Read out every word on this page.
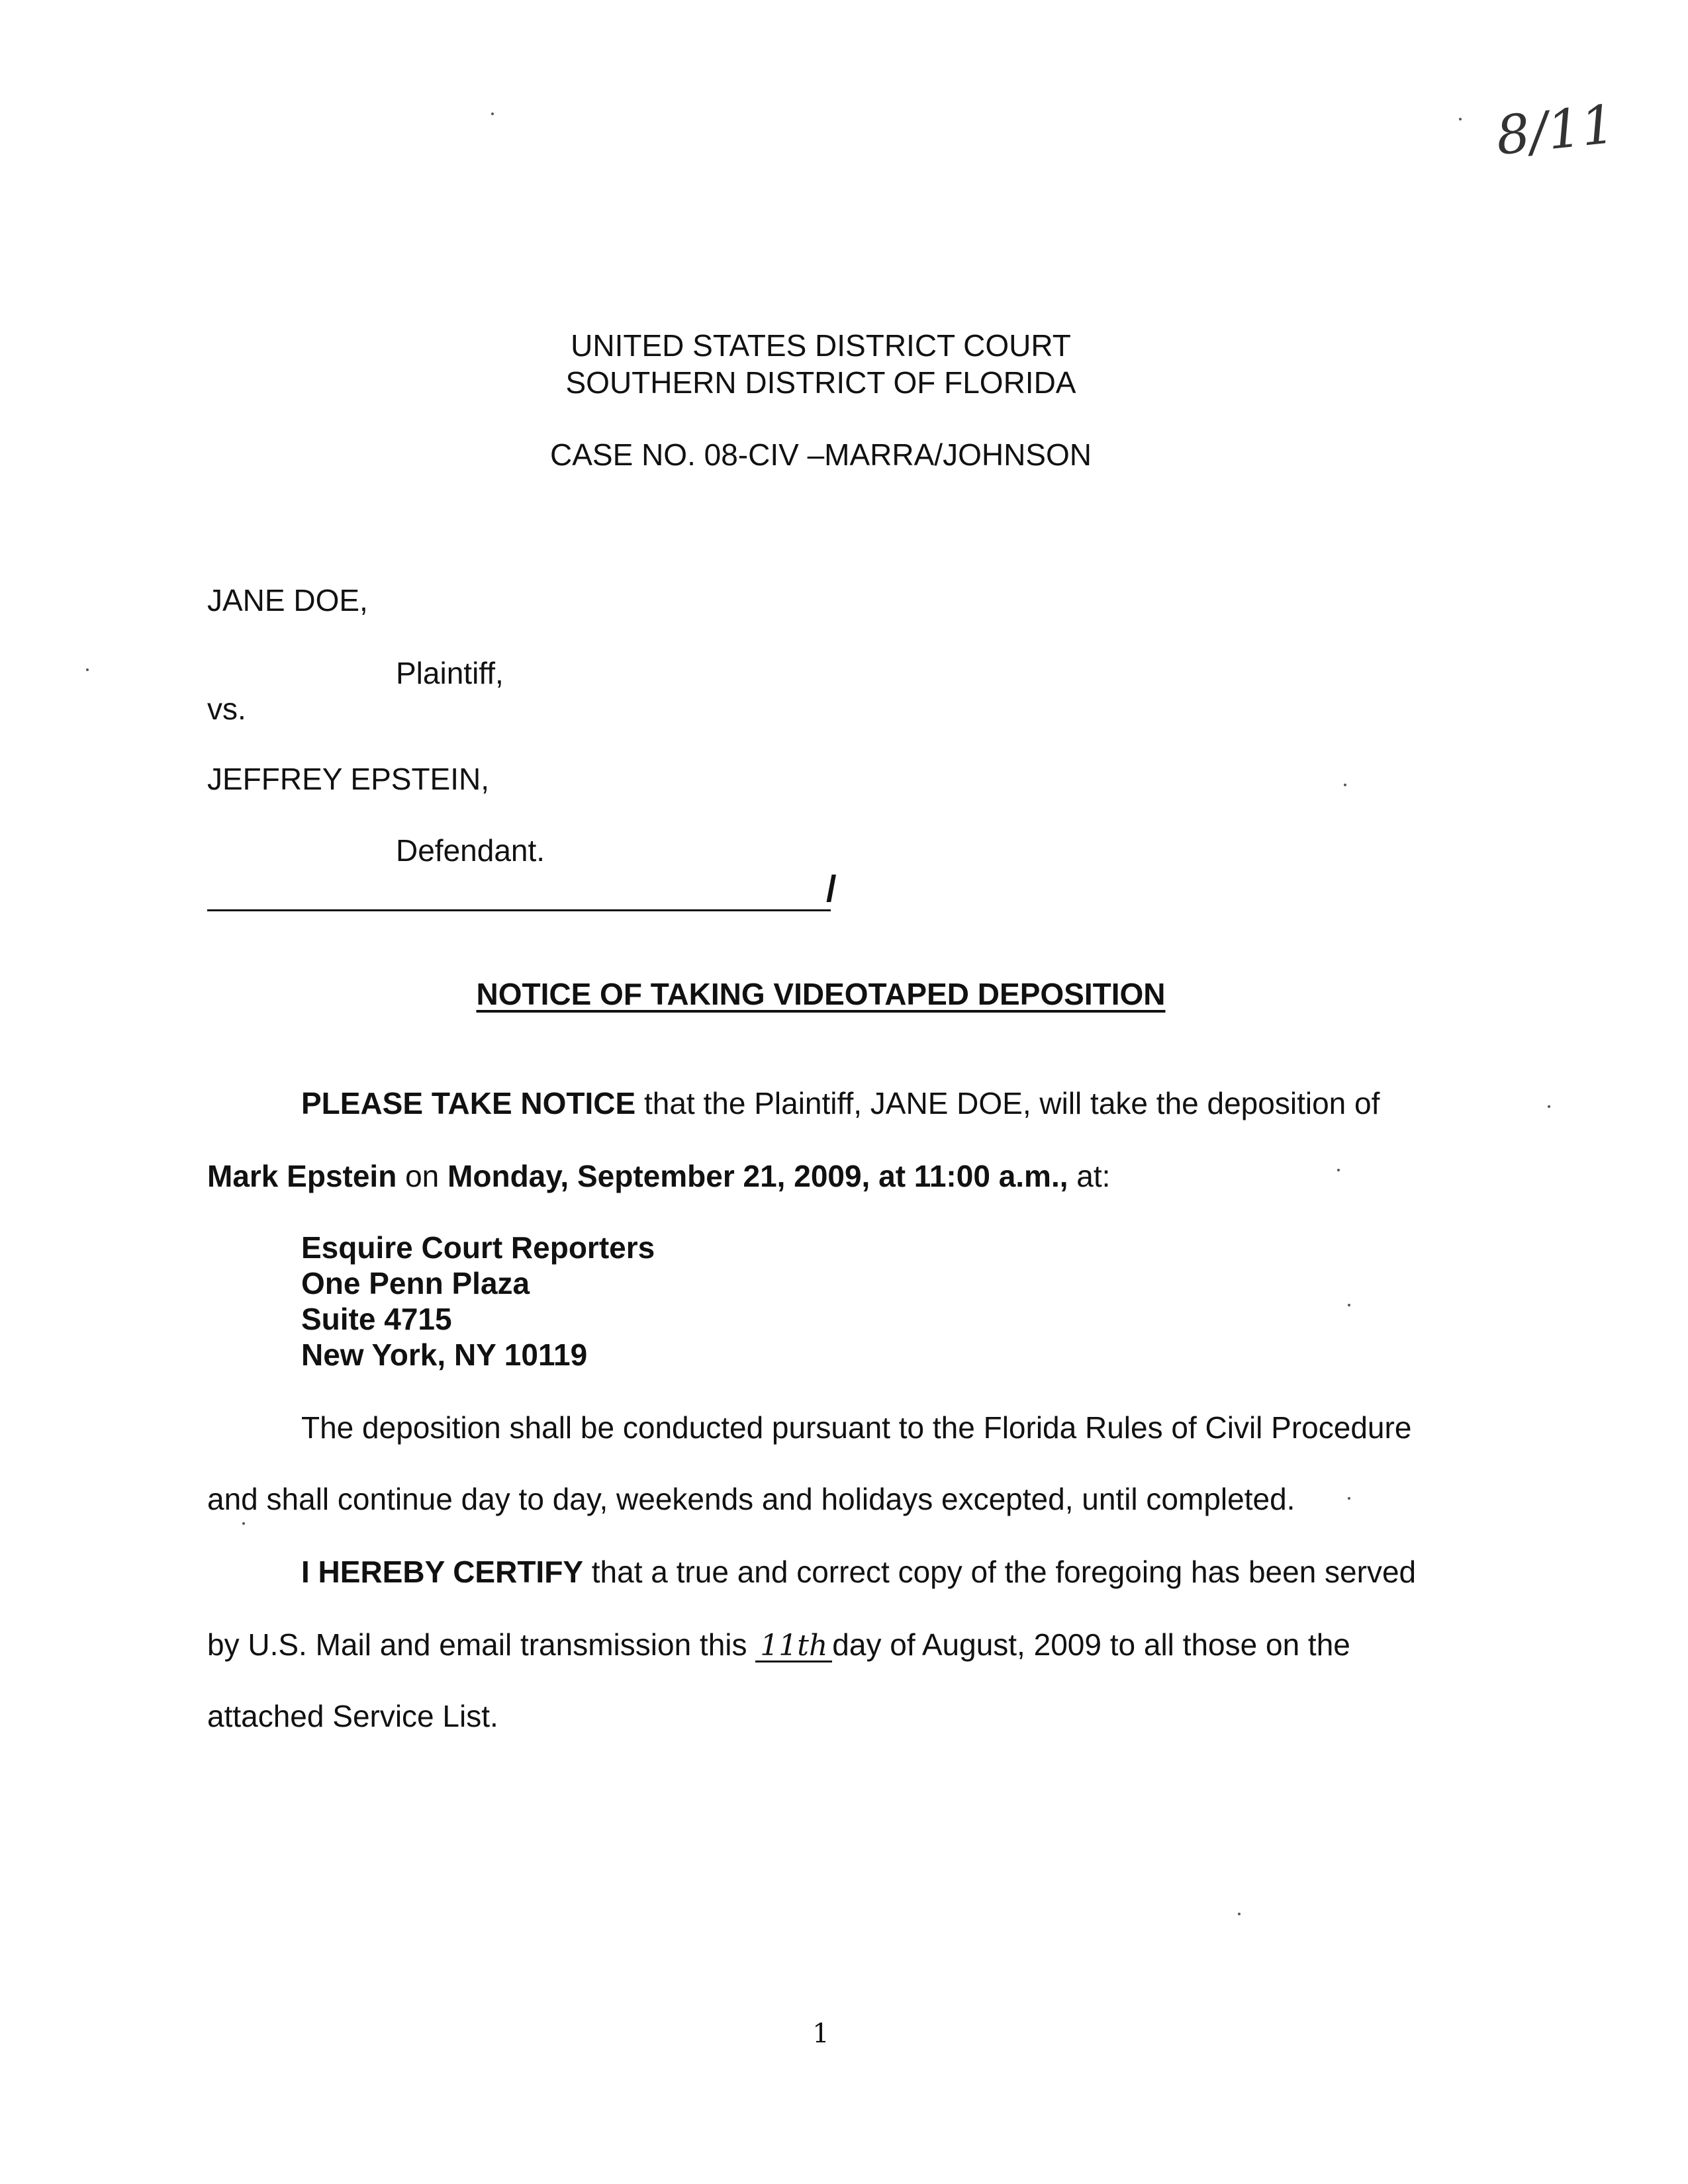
8/11
UNITED STATES DISTRICT COURT
SOUTHERN DISTRICT OF FLORIDA
CASE NO. 08-CIV –MARRA/JOHNSON
JANE DOE,
Plaintiff,
vs.
JEFFREY EPSTEIN,
Defendant.
/
NOTICE OF TAKING VIDEOTAPED DEPOSITION
PLEASE TAKE NOTICE that the Plaintiff, JANE DOE, will take the deposition of
Mark Epstein on Monday, September 21, 2009, at 11:00 a.m., at:
Esquire Court Reporters
One Penn Plaza
Suite 4715
New York, NY 10119
The deposition shall be conducted pursuant to the Florida Rules of Civil Procedure
and shall continue day to day, weekends and holidays excepted, until completed.
I HEREBY CERTIFY that a true and correct copy of the foregoing has been served
by U.S. Mail and email transmission this 11th day of August, 2009 to all those on the
attached Service List.
1
